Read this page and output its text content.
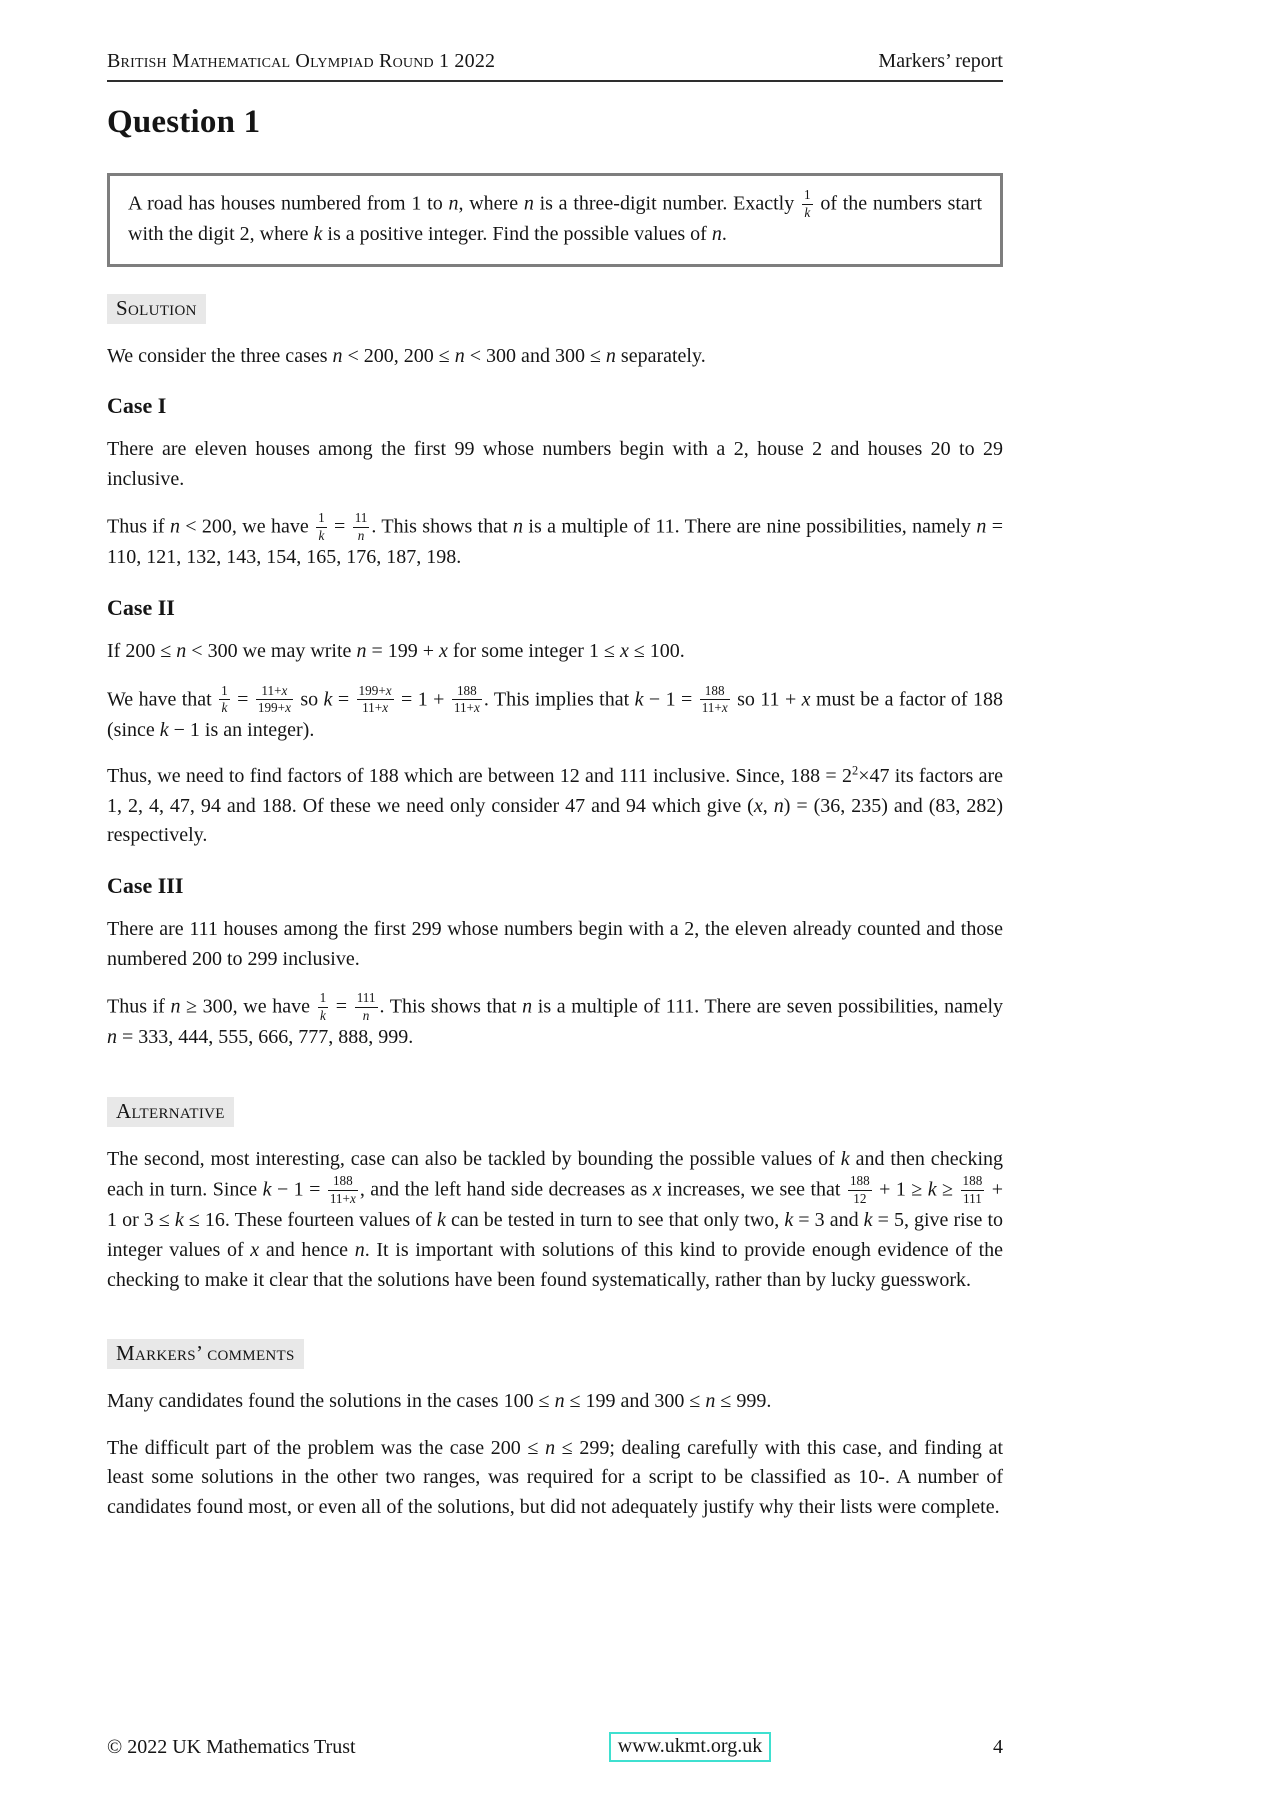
British Mathematical Olympiad Round 1 2022	Markers’ report
Question 1

A road has houses numbered from 1 to n, where n is a three-digit number. Exactly $\frac{1}{k}$ of the numbers start with the digit 2, where k is a positive integer. Find the possible values of n.

Solution

We consider the three cases n < 200, 200 ≤ n < 300 and 300 ≤ n separately.

Case I

There are eleven houses among the first 99 whose numbers begin with a 2, house 2 and houses 20 to 29 inclusive.

Thus if n < 200, we have $\frac{1}{k} = \frac{11}{n}$ . This shows that n is a multiple of 11. There are nine possibilities, namely n = 110, 121, 132, 143, 154, 165, 176, 187, 198.

Case II

If 200 ≤ n < 300 we may write n = 199 + x for some integer 1 ≤ x ≤ 100.

We have that $\frac{1}{k} = \frac{11+x}{199+x}$ so $k = \frac{199+x}{11+x} = 1 + \frac{188}{11+x}$ . This implies that $k - 1 = \frac{188}{11+x}$ so 11 + x must be a factor of 188 (since k − 1 is an integer).

Thus, we need to find factors of 188 which are between 12 and 111 inclusive. Since, $188 = 2^2\times 47$ its factors are 1, 2, 4, 47, 94 and 188. Of these we need only consider 47 and 94 which give (x, n) = (36, 235) and (83, 282) respectively.

Case III

There are 111 houses among the first 299 whose numbers begin with a 2, the eleven already counted and those numbered 200 to 299 inclusive.

Thus if n ≥ 300, we have $\frac{1}{k} = \frac{111}{n}$ . This shows that n is a multiple of 111. There are seven possibilities, namely n = 333, 444, 555, 666, 777, 888, 999.

Alternative

The second, most interesting, case can also be tackled by bounding the possible values of k and then checking each in turn. Since $k - 1 = \frac{188}{11+x}$ , and the left hand side decreases as x increases, we see that $\frac{188}{12} + 1 \ge k \ge \frac{188}{111} + 1$ or 3 ≤ k ≤ 16. These fourteen values of k can be tested in turn to see that only two, k = 3 and k = 5, give rise to integer values of x and hence n. It is important with solutions of this kind to provide enough evidence of the checking to make it clear that the solutions have been found systematically, rather than by lucky guesswork.

Markers’ comments

Many candidates found the solutions in the cases 100 ≤ n ≤ 199 and 300 ≤ n ≤ 999.

The difficult part of the problem was the case 200 ≤ n ≤ 299; dealing carefully with this case, and finding at least some solutions in the other two ranges, was required for a script to be classified as 10-. A number of candidates found most, or even all of the solutions, but did not adequately justify why their lists were complete.

© 2022 UK Mathematics Trust	www.ukmt.org.uk	4
